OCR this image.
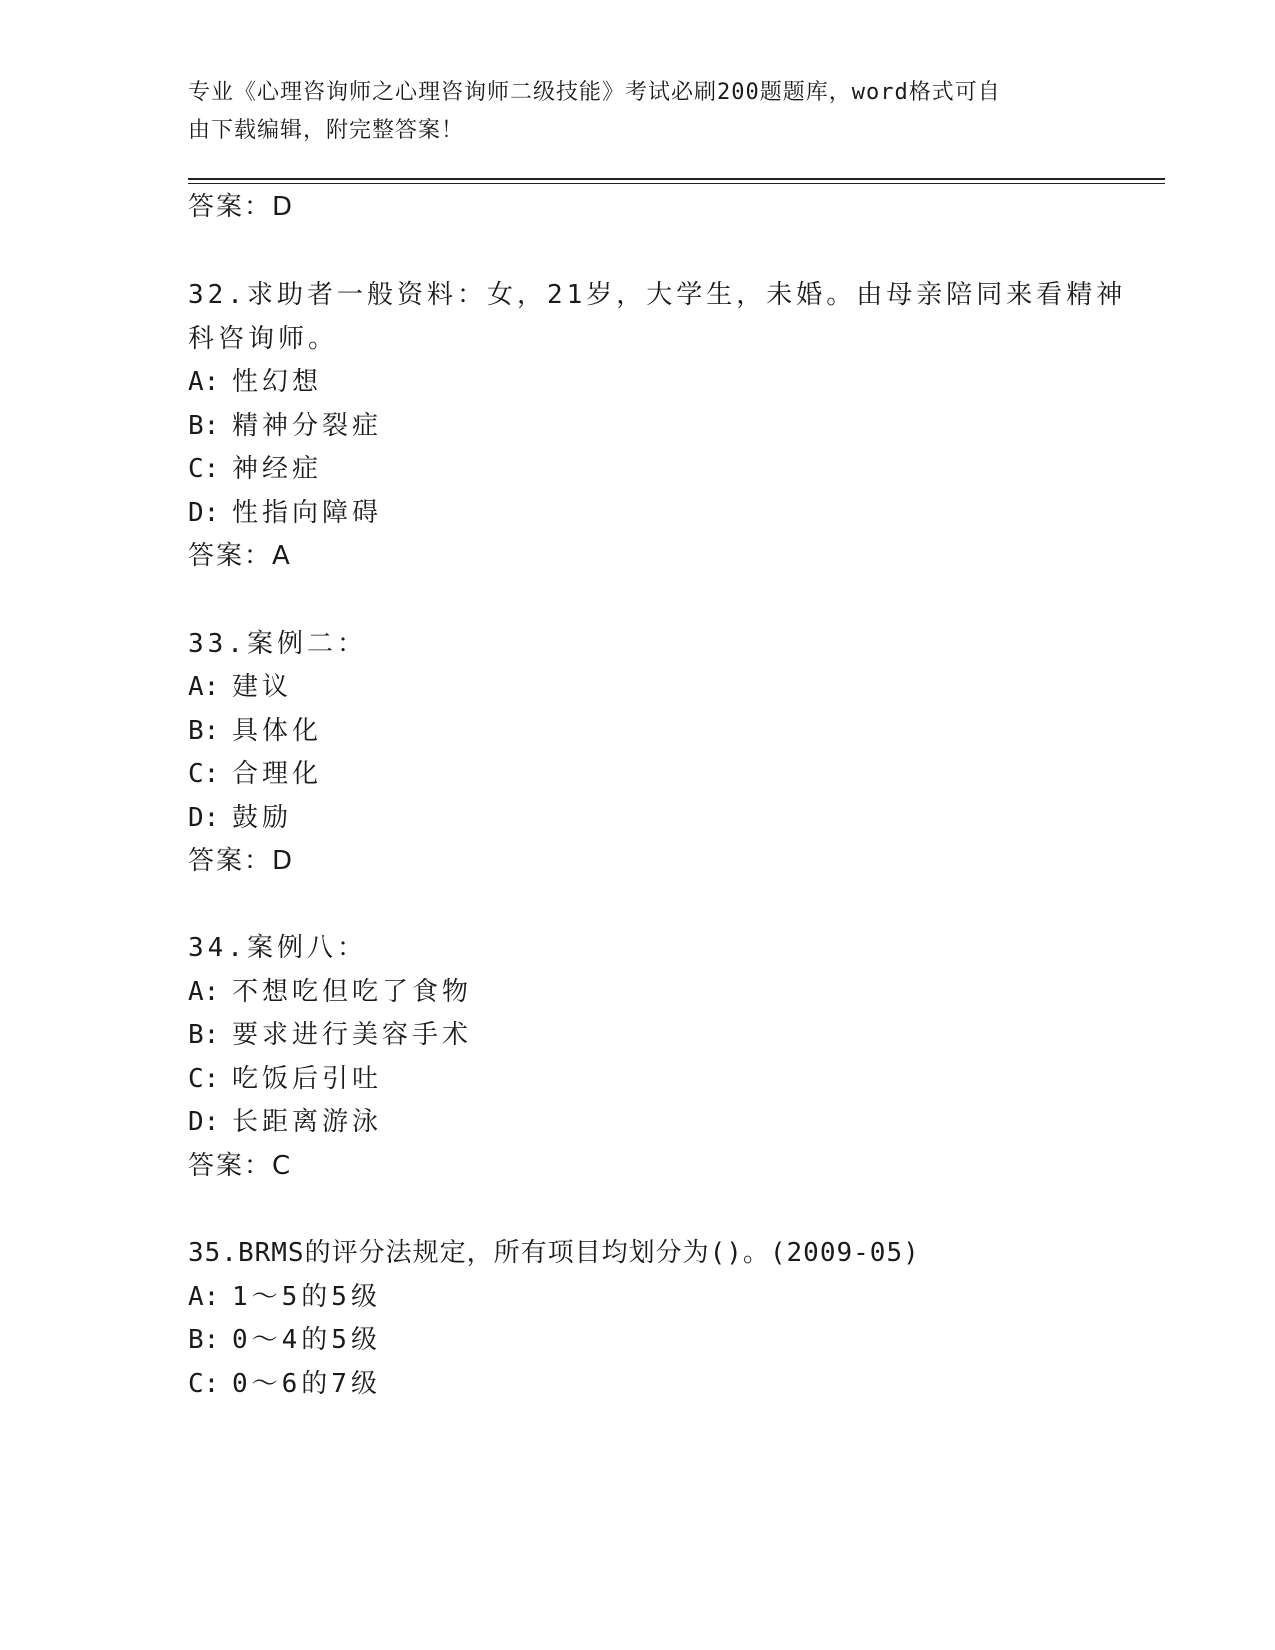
专业《心理咨询师之心理咨询师二级技能》考试必刷200题题库，word格式可自
由下载编辑，附完整答案！
答案：D
32.求助者一般资料：女，21岁，大学生，未婚。由母亲陪同来看精神
科咨询师。
A: 性幻想
B: 精神分裂症
C: 神经症
D: 性指向障碍
答案：A
33.案例二：
A: 建议
B: 具体化
C: 合理化
D: 鼓励
答案：D
34.案例八：
A: 不想吃但吃了食物
B: 要求进行美容手术
C: 吃饭后引吐
D: 长距离游泳
答案：C
35.BRMS的评分法规定，所有项目均划分为()。(2009-05)
A: 1～5的5级
B: 0～4的5级
C: 0～6的7级
